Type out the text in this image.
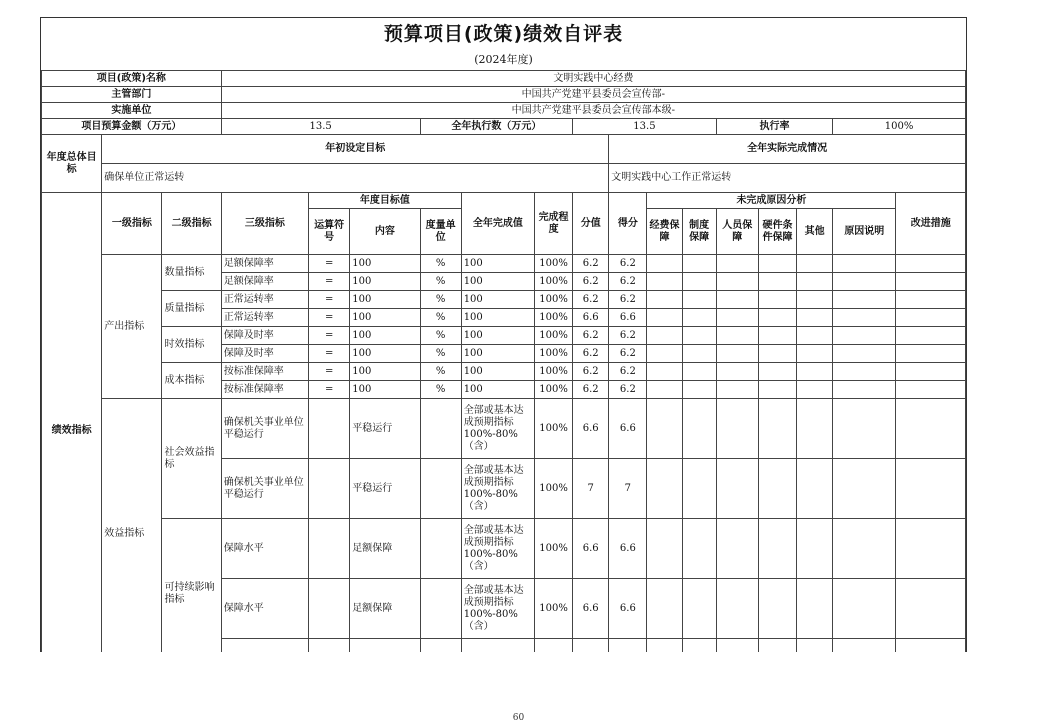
预算项目(政策)绩效自评表
(2024年度)
项目(政策)名称			文明实践中心经费														
主管部门			中国共产党建平县委员会宣传部-														
实施单位			中国共产党建平县委员会宣传部本级-														
项目预算金额（万元）			13.5			全年执行数（万元）			13.5				执行率			100%	
年度总体目标	年初设定目标									全年实际完成情况							
	确保单位正常运转									文明实践中心工作正常运转							
绩效指标	一级指标	二级指标	三级指标	年度目标值			全年完成值	完成程度	分值	得分	未完成原因分析						改进措施
				运算符号	内容	度量单位					经费保障	制度保障	人员保障	硬件条件保障	其他	原因说明	
	产出指标	数量指标	足额保障率	=	100	%	100	100%	6.2	6.2							
			足额保障率	=	100	%	100	100%	6.2	6.2							
		质量指标	正常运转率	=	100	%	100	100%	6.2	6.2							
			正常运转率	=	100	%	100	100%	6.6	6.6							
		时效指标	保障及时率	=	100	%	100	100%	6.2	6.2							
			保障及时率	=	100	%	100	100%	6.2	6.2							
		成本指标	按标准保障率	=	100	%	100	100%	6.2	6.2							
			按标准保障率	=	100	%	100	100%	6.2	6.2							
	效益指标	社会效益指标	确保机关事业单位平稳运行		平稳运行		全部或基本达成预期指标100%-80%（含）	100%	6.6	6.6							
			确保机关事业单位平稳运行		平稳运行		全部或基本达成预期指标100%-80%（含）	100%	7	7							
		可持续影响指标	保障水平		足额保障		全部或基本达成预期指标100%-80%（含）	100%	6.6	6.6							
			保障水平		足额保障		全部或基本达成预期指标100%-80%（含）	100%	6.6	6.6							

60
